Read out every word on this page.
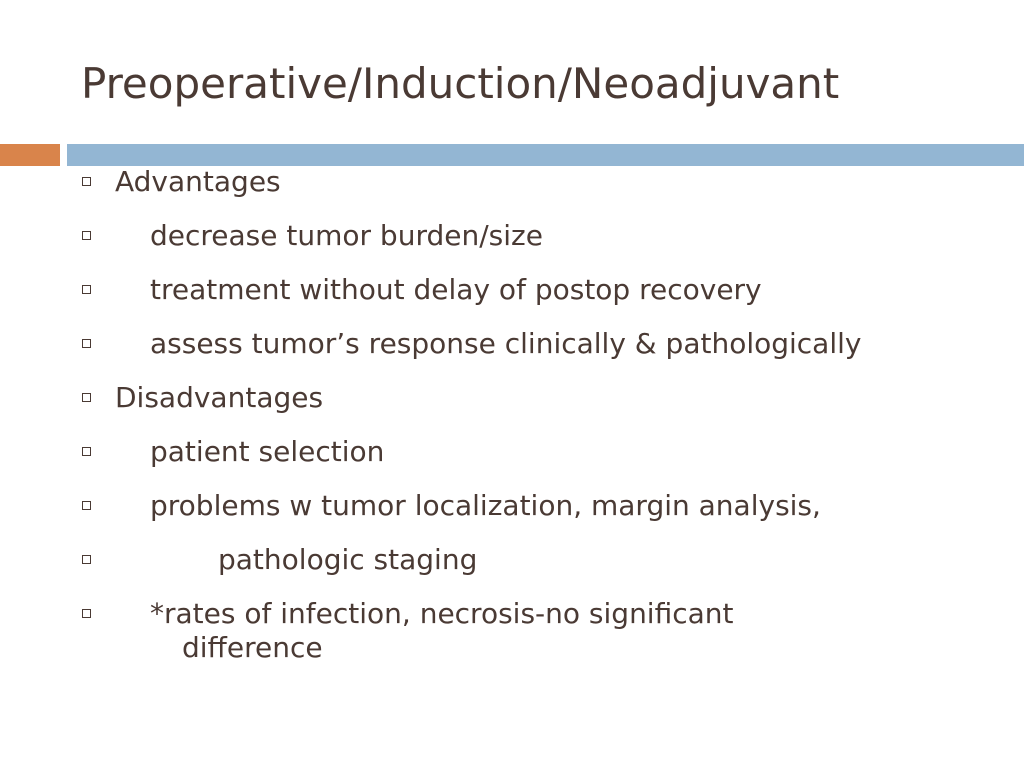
Preoperative/Induction/Neoadjuvant
Advantages
decrease tumor burden/size
treatment without delay of postop recovery
assess tumor’s response clinically & pathologically
Disadvantages
patient selection
problems w tumor localization, margin analysis,
pathologic staging
*rates of infection, necrosis-no significant
difference
